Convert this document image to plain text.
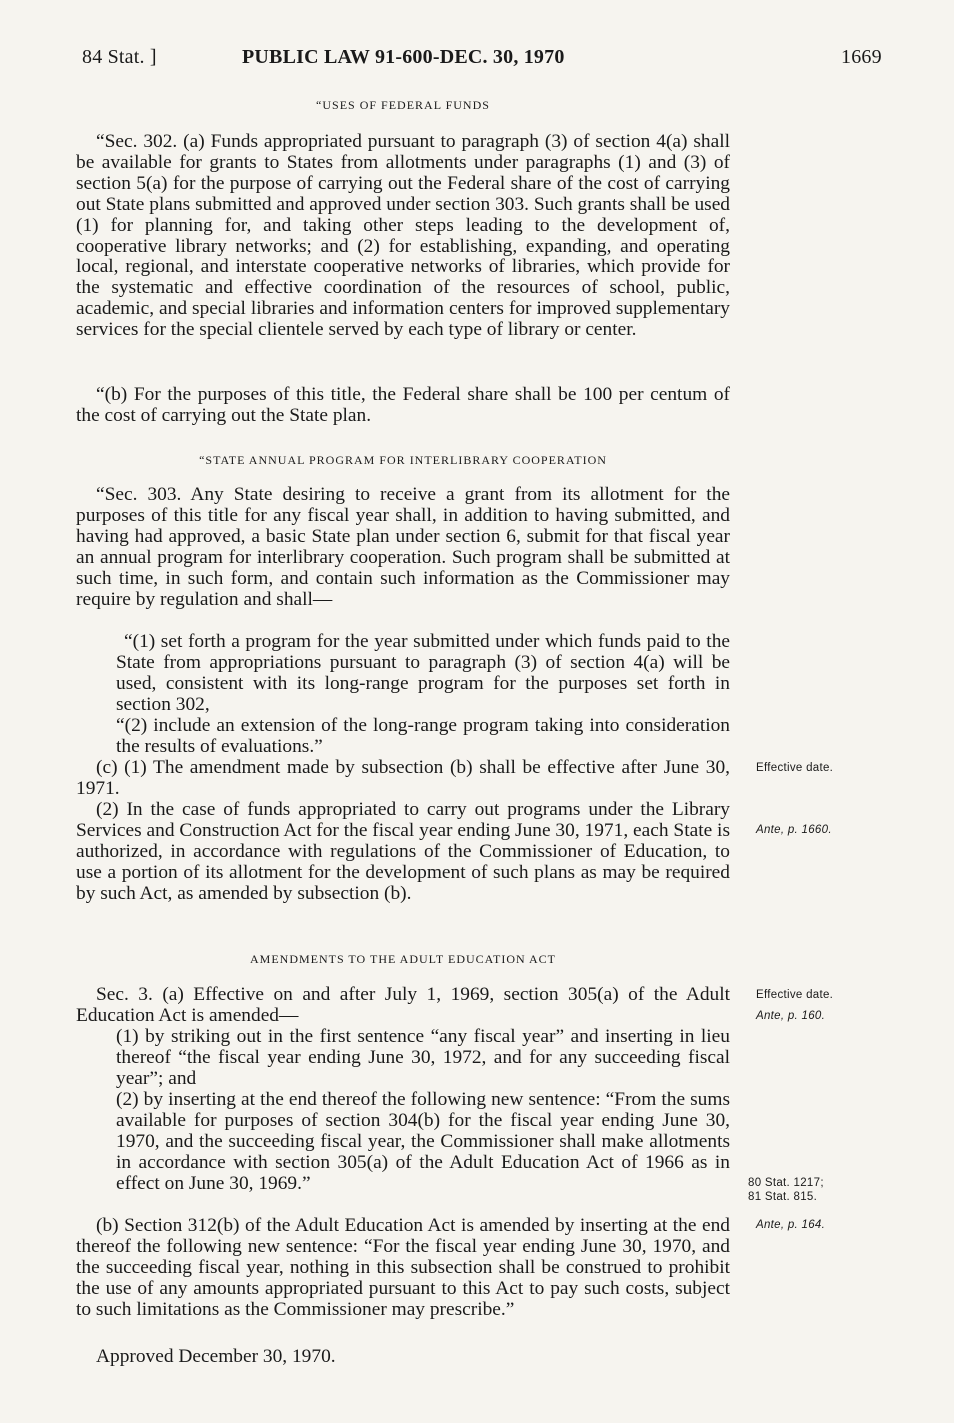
84 Stat. ]	PUBLIC LAW 91-600-DEC. 30, 1970	1669
“USES OF FEDERAL FUNDS

“Sec. 302. (a) Funds appropriated pursuant to paragraph (3) of section 4(a) shall be available for grants to States from allotments under paragraphs (1) and (3) of section 5(a) for the purpose of carrying out the Federal share of the cost of carrying out State plans submitted and approved under section 303. Such grants shall be used (1) for planning for, and taking other steps leading to the development of, cooperative library networks; and (2) for establishing, expanding, and operating local, regional, and interstate cooperative networks of libraries, which provide for the systematic and effective coordination of the resources of school, public, academic, and special libraries and information centers for improved supplementary services for the special clientele served by each type of library or center.

“(b) For the purposes of this title, the Federal share shall be 100 per centum of the cost of carrying out the State plan.

“STATE ANNUAL PROGRAM FOR INTERLIBRARY COOPERATION

“Sec. 303. Any State desiring to receive a grant from its allotment for the purposes of this title for any fiscal year shall, in addition to having submitted, and having had approved, a basic State plan under section 6, submit for that fiscal year an annual program for interlibrary cooperation. Such program shall be submitted at such time, in such form, and contain such information as the Commissioner may require by regulation and shall—

“(1) set forth a program for the year submitted under which funds paid to the State from appropriations pursuant to paragraph (3) of section 4(a) will be used, consistent with its long-range program for the purposes set forth in section 302,

“(2) include an extension of the long-range program taking into consideration the results of evaluations.”

(c) (1) The amendment made by subsection (b) shall be effective after June 30, 1971.

(2) In the case of funds appropriated to carry out programs under the Library Services and Construction Act for the fiscal year ending June 30, 1971, each State is authorized, in accordance with regulations of the Commissioner of Education, to use a portion of its allotment for the development of such plans as may be required by such Act, as amended by subsection (b).

AMENDMENTS TO THE ADULT EDUCATION ACT

Sec. 3. (a) Effective on and after July 1, 1969, section 305(a) of the Adult Education Act is amended—

(1) by striking out in the first sentence “any fiscal year” and inserting in lieu thereof “the fiscal year ending June 30, 1972, and for any succeeding fiscal year”; and

(2) by inserting at the end thereof the following new sentence: “From the sums available for purposes of section 304(b) for the fiscal year ending June 30, 1970, and the succeeding fiscal year, the Commissioner shall make allotments in accordance with section 305(a) of the Adult Education Act of 1966 as in effect on June 30, 1969.”

(b) Section 312(b) of the Adult Education Act is amended by inserting at the end thereof the following new sentence: “For the fiscal year ending June 30, 1970, and the succeeding fiscal year, nothing in this subsection shall be construed to prohibit the use of any amounts appropriated pursuant to this Act to pay such costs, subject to such limitations as the Commissioner may prescribe.”

Approved December 30, 1970.
Effective date.
Ante, p. 1660.
Effective date.
Ante, p. 160.
80 Stat. 1217;
81 Stat. 815.
Ante, p. 164.
